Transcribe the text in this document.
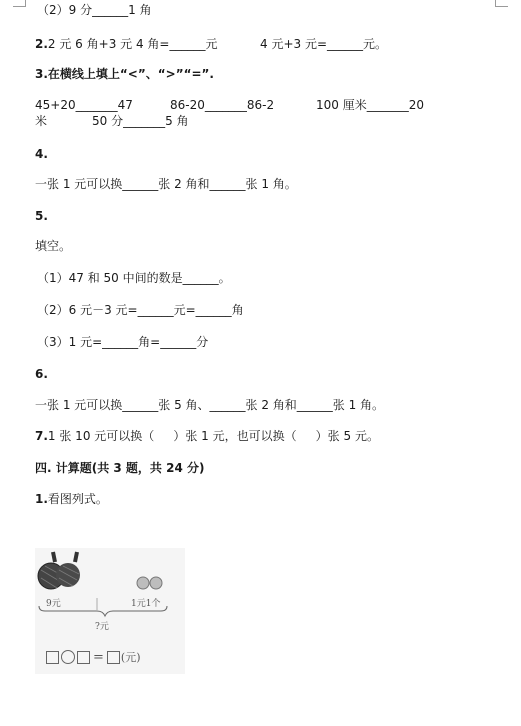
（2）9 分______1 角
2.2 元 6 角+3 元 4 角=______元	4 元+3 元=______元。
3.在横线上填上“<”、“>”“=”.
45+20_______47	86-20_______86-2	100 厘米_______20
米	50 分_______5 角
4.
一张 1 元可以换______张 2 角和______张 1 角。
5.
填空。
（1）47 和 50 中间的数是______。
（2）6 元－3 元=______元=______角
（3）1 元=______角=______分
6.
一张 1 元可以换______张 5 角、______张 2 角和______张 1 角。
7.1 张 10 元可以换（     ）张 1 元，也可以换（     ）张 5 元。
四. 计算题(共 3 题，共 24 分)
1.看图列式。
9元	1元1个
?元
= (元)
